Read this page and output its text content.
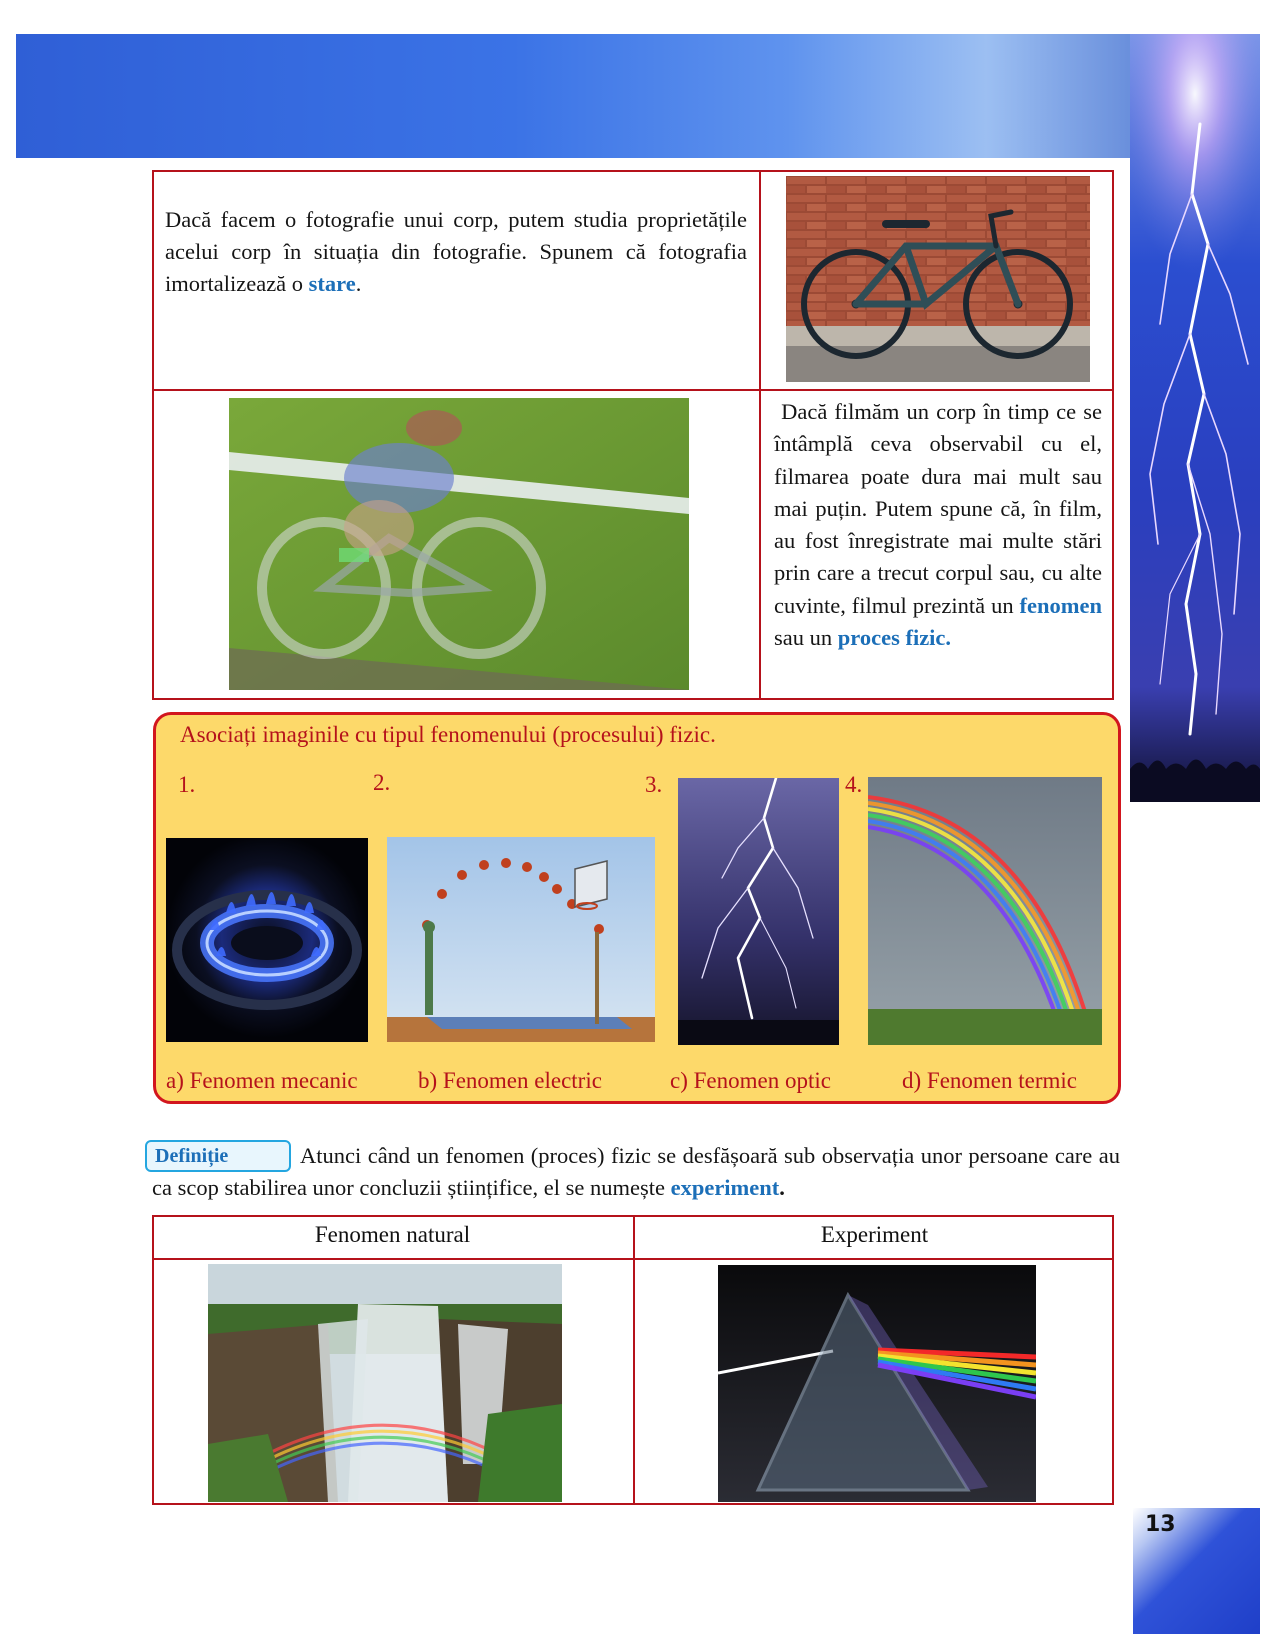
Dacă facem o fotografie unui corp, putem studia proprietățile acelui corp în situația din fotografie. Spunem că fotografia imortalizează o stare.
Dacă filmăm un corp în timp ce se întâmplă ceva observabil cu el, filmarea poate dura mai mult sau mai puțin. Putem spune că, în film, au fost înregistrate mai multe stări prin care a trecut corpul sau, cu alte cuvinte, filmul prezintă un fenomen sau un proces fizic.
Asociați imaginile cu tipul fenomenului (procesului) fizic.
1.	2.	3.	4.
a) Fenomen mecanic	b) Fenomen electric	c) Fenomen optic	d) Fenomen termic
Definiție	Atunci când un fenomen (proces) fizic se desfășoară sub observația unor persoane care au ca scop stabilirea unor concluzii științifice, el se numește experiment.
Fenomen natural	Experiment
13
